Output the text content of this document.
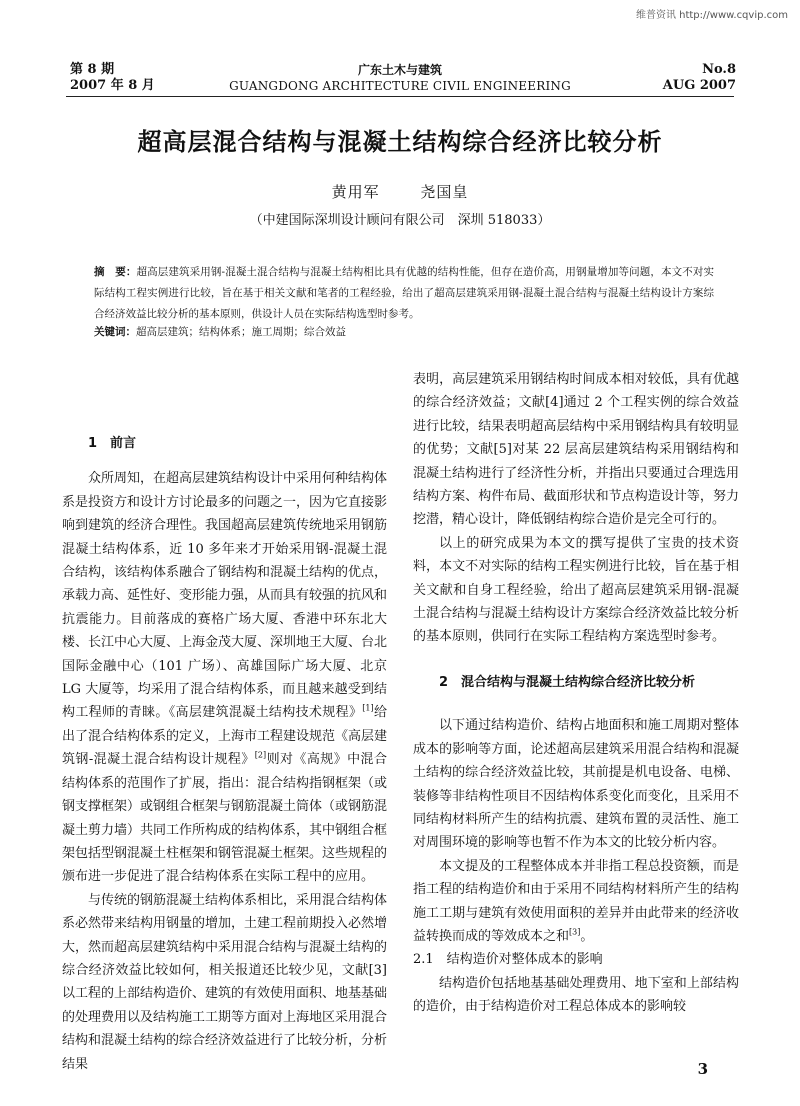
维普资讯 http://www.cqvip.com
第 8 期
2007 年 8 月
广东土木与建筑
GUANGDONG ARCHITECTURE CIVIL ENGINEERING
No.8
AUG 2007
超高层混合结构与混凝土结构综合经济比较分析
黄用军	尧国皇
（中建国际深圳设计顾问有限公司　深圳 518033）
摘　要：超高层建筑采用钢-混凝土混合结构与混凝土结构相比具有优越的结构性能，但存在造价高，用钢量增加等问题，本文不对实际结构工程实例进行比较，旨在基于相关文献和笔者的工程经验，给出了超高层建筑采用钢-混凝土混合结构与混凝土结构设计方案综合经济效益比较分析的基本原则，供设计人员在实际结构选型时参考。
关键词：超高层建筑；结构体系；施工周期；综合效益

1　前言

众所周知，在超高层建筑结构设计中采用何种结构体系是投资方和设计方讨论最多的问题之一，因为它直接影响到建筑的经济合理性。我国超高层建筑传统地采用钢筋混凝土结构体系，近 10 多年来才开始采用钢-混凝土混合结构，该结构体系融合了钢结构和混凝土结构的优点，承载力高、延性好、变形能力强，从而具有较强的抗风和抗震能力。目前落成的赛格广场大厦、香港中环东北大楼、长江中心大厦、上海金茂大厦、深圳地王大厦、台北国际金融中心（101 广场）、高雄国际广场大厦、北京 LG 大厦等，均采用了混合结构体系，而且越来越受到结构工程师的青睐。《高层建筑混凝土结构技术规程》[1]给出了混合结构体系的定义，上海市工程建设规范《高层建筑钢-混凝土混合结构设计规程》[2]则对《高规》中混合结构体系的范围作了扩展，指出：混合结构指钢框架（或钢支撑框架）或钢组合框架与钢筋混凝土筒体（或钢筋混凝土剪力墙）共同工作所构成的结构体系，其中钢组合框架包括型钢混凝土柱框架和钢管混凝土框架。这些规程的颁布进一步促进了混合结构体系在实际工程中的应用。

与传统的钢筋混凝土结构体系相比，采用混合结构体系必然带来结构用钢量的增加，土建工程前期投入必然增大，然而超高层建筑结构中采用混合结构与混凝土结构的综合经济效益比较如何，相关报道还比较少见，文献[3]以工程的上部结构造价、建筑的有效使用面积、地基基础的处理费用以及结构施工工期等方面对上海地区采用混合结构和混凝土结构的综合经济效益进行了比较分析，分析结果

表明，高层建筑采用钢结构时间成本相对较低，具有优越的综合经济效益；文献[4]通过 2 个工程实例的综合效益进行比较，结果表明超高层结构中采用钢结构具有较明显的优势；文献[5]对某 22 层高层建筑结构采用钢结构和混凝土结构进行了经济性分析，并指出只要通过合理选用结构方案、构件布局、截面形状和节点构造设计等，努力挖潜，精心设计，降低钢结构综合造价是完全可行的。

以上的研究成果为本文的撰写提供了宝贵的技术资料，本文不对实际的结构工程实例进行比较，旨在基于相关文献和自身工程经验，给出了超高层建筑采用钢-混凝土混合结构与混凝土结构设计方案综合经济效益比较分析的基本原则，供同行在实际工程结构方案选型时参考。

2　混合结构与混凝土结构综合经济比较分析

以下通过结构造价、结构占地面积和施工周期对整体成本的影响等方面，论述超高层建筑采用混合结构和混凝土结构的综合经济效益比较，其前提是机电设备、电梯、装修等非结构性项目不因结构体系变化而变化，且采用不同结构材料所产生的结构抗震、建筑布置的灵活性、施工对周围环境的影响等也暂不作为本文的比较分析内容。

本文提及的工程整体成本并非指工程总投资额，而是指工程的结构造价和由于采用不同结构材料所产生的结构施工工期与建筑有效使用面积的差异并由此带来的经济收益转换而成的等效成本之和[3]。

2.1　结构造价对整体成本的影响

结构造价包括地基基础处理费用、地下室和上部结构的造价，由于结构造价对工程总体成本的影响较

3
